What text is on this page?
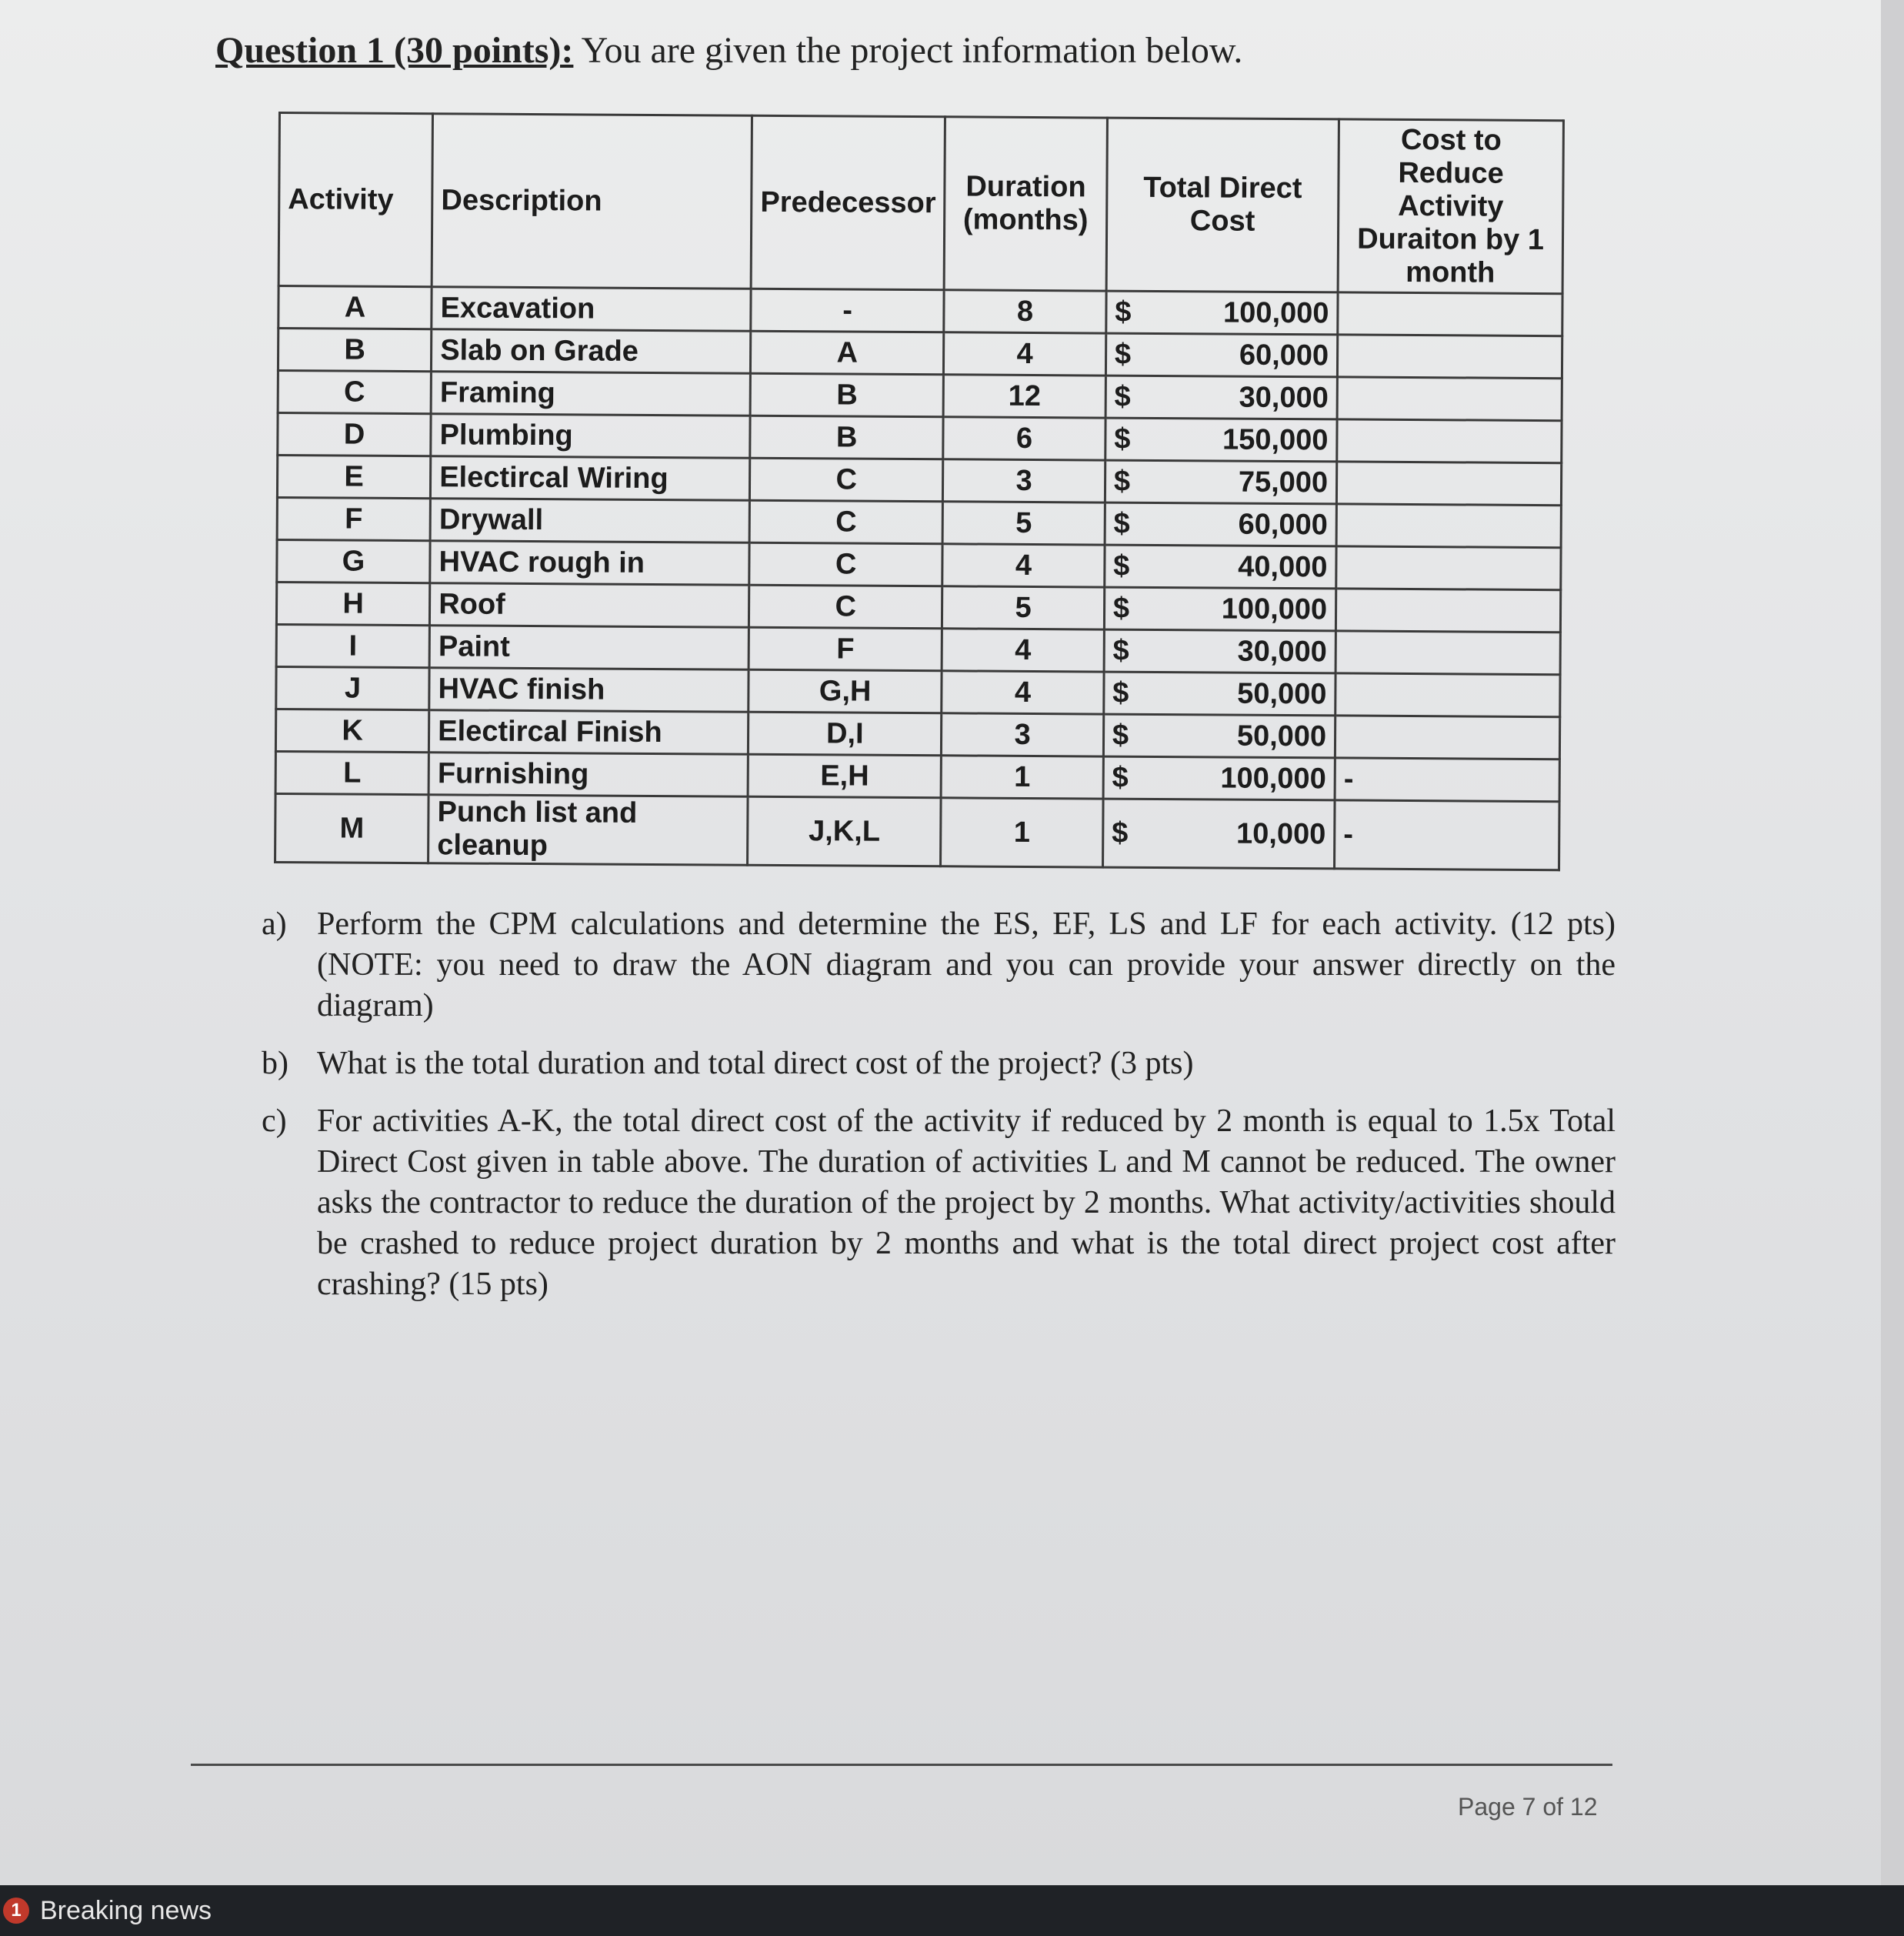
Question 1 (30 points): You are given the project information below.
Activity	Description	Predecessor	Duration (months)	Total Direct Cost	Cost to Reduce Activity Duraiton by 1 month
A	Excavation	-	8	$ 100,000	

B	Slab on Grade	A	4	$ 60,000	

C	Framing	B	12	$ 30,000	

D	Plumbing	B	6	$ 150,000	

E	Electircal Wiring	C	3	$ 75,000	

F	Drywall	C	5	$ 60,000	

G	HVAC rough in	C	4	$ 40,000	

H	Roof	C	5	$ 100,000	

I	Paint	F	4	$ 30,000	

J	HVAC finish	G,H	4	$ 50,000	

K	Electircal Finish	D,I	3	$ 50,000	

L	Furnishing	E,H	1	$ 100,000	-
M	Punch list and cleanup	J,K,L	1	$ 10,000	-
a) Perform the CPM calculations and determine the ES, EF, LS and LF for each activity. (12 pts) (NOTE: you need to draw the AON diagram and you can provide your answer directly on the diagram)
b) What is the total duration and total direct cost of the project? (3 pts)
c) For activities A-K, the total direct cost of the activity if reduced by 2 month is equal to 1.5x Total Direct Cost given in table above. The duration of activities L and M cannot be reduced. The owner asks the contractor to reduce the duration of the project by 2 months. What activity/activities should be crashed to reduce project duration by 2 months and what is the total direct project cost after crashing? (15 pts)
Page 7 of 12
1 Breaking news
